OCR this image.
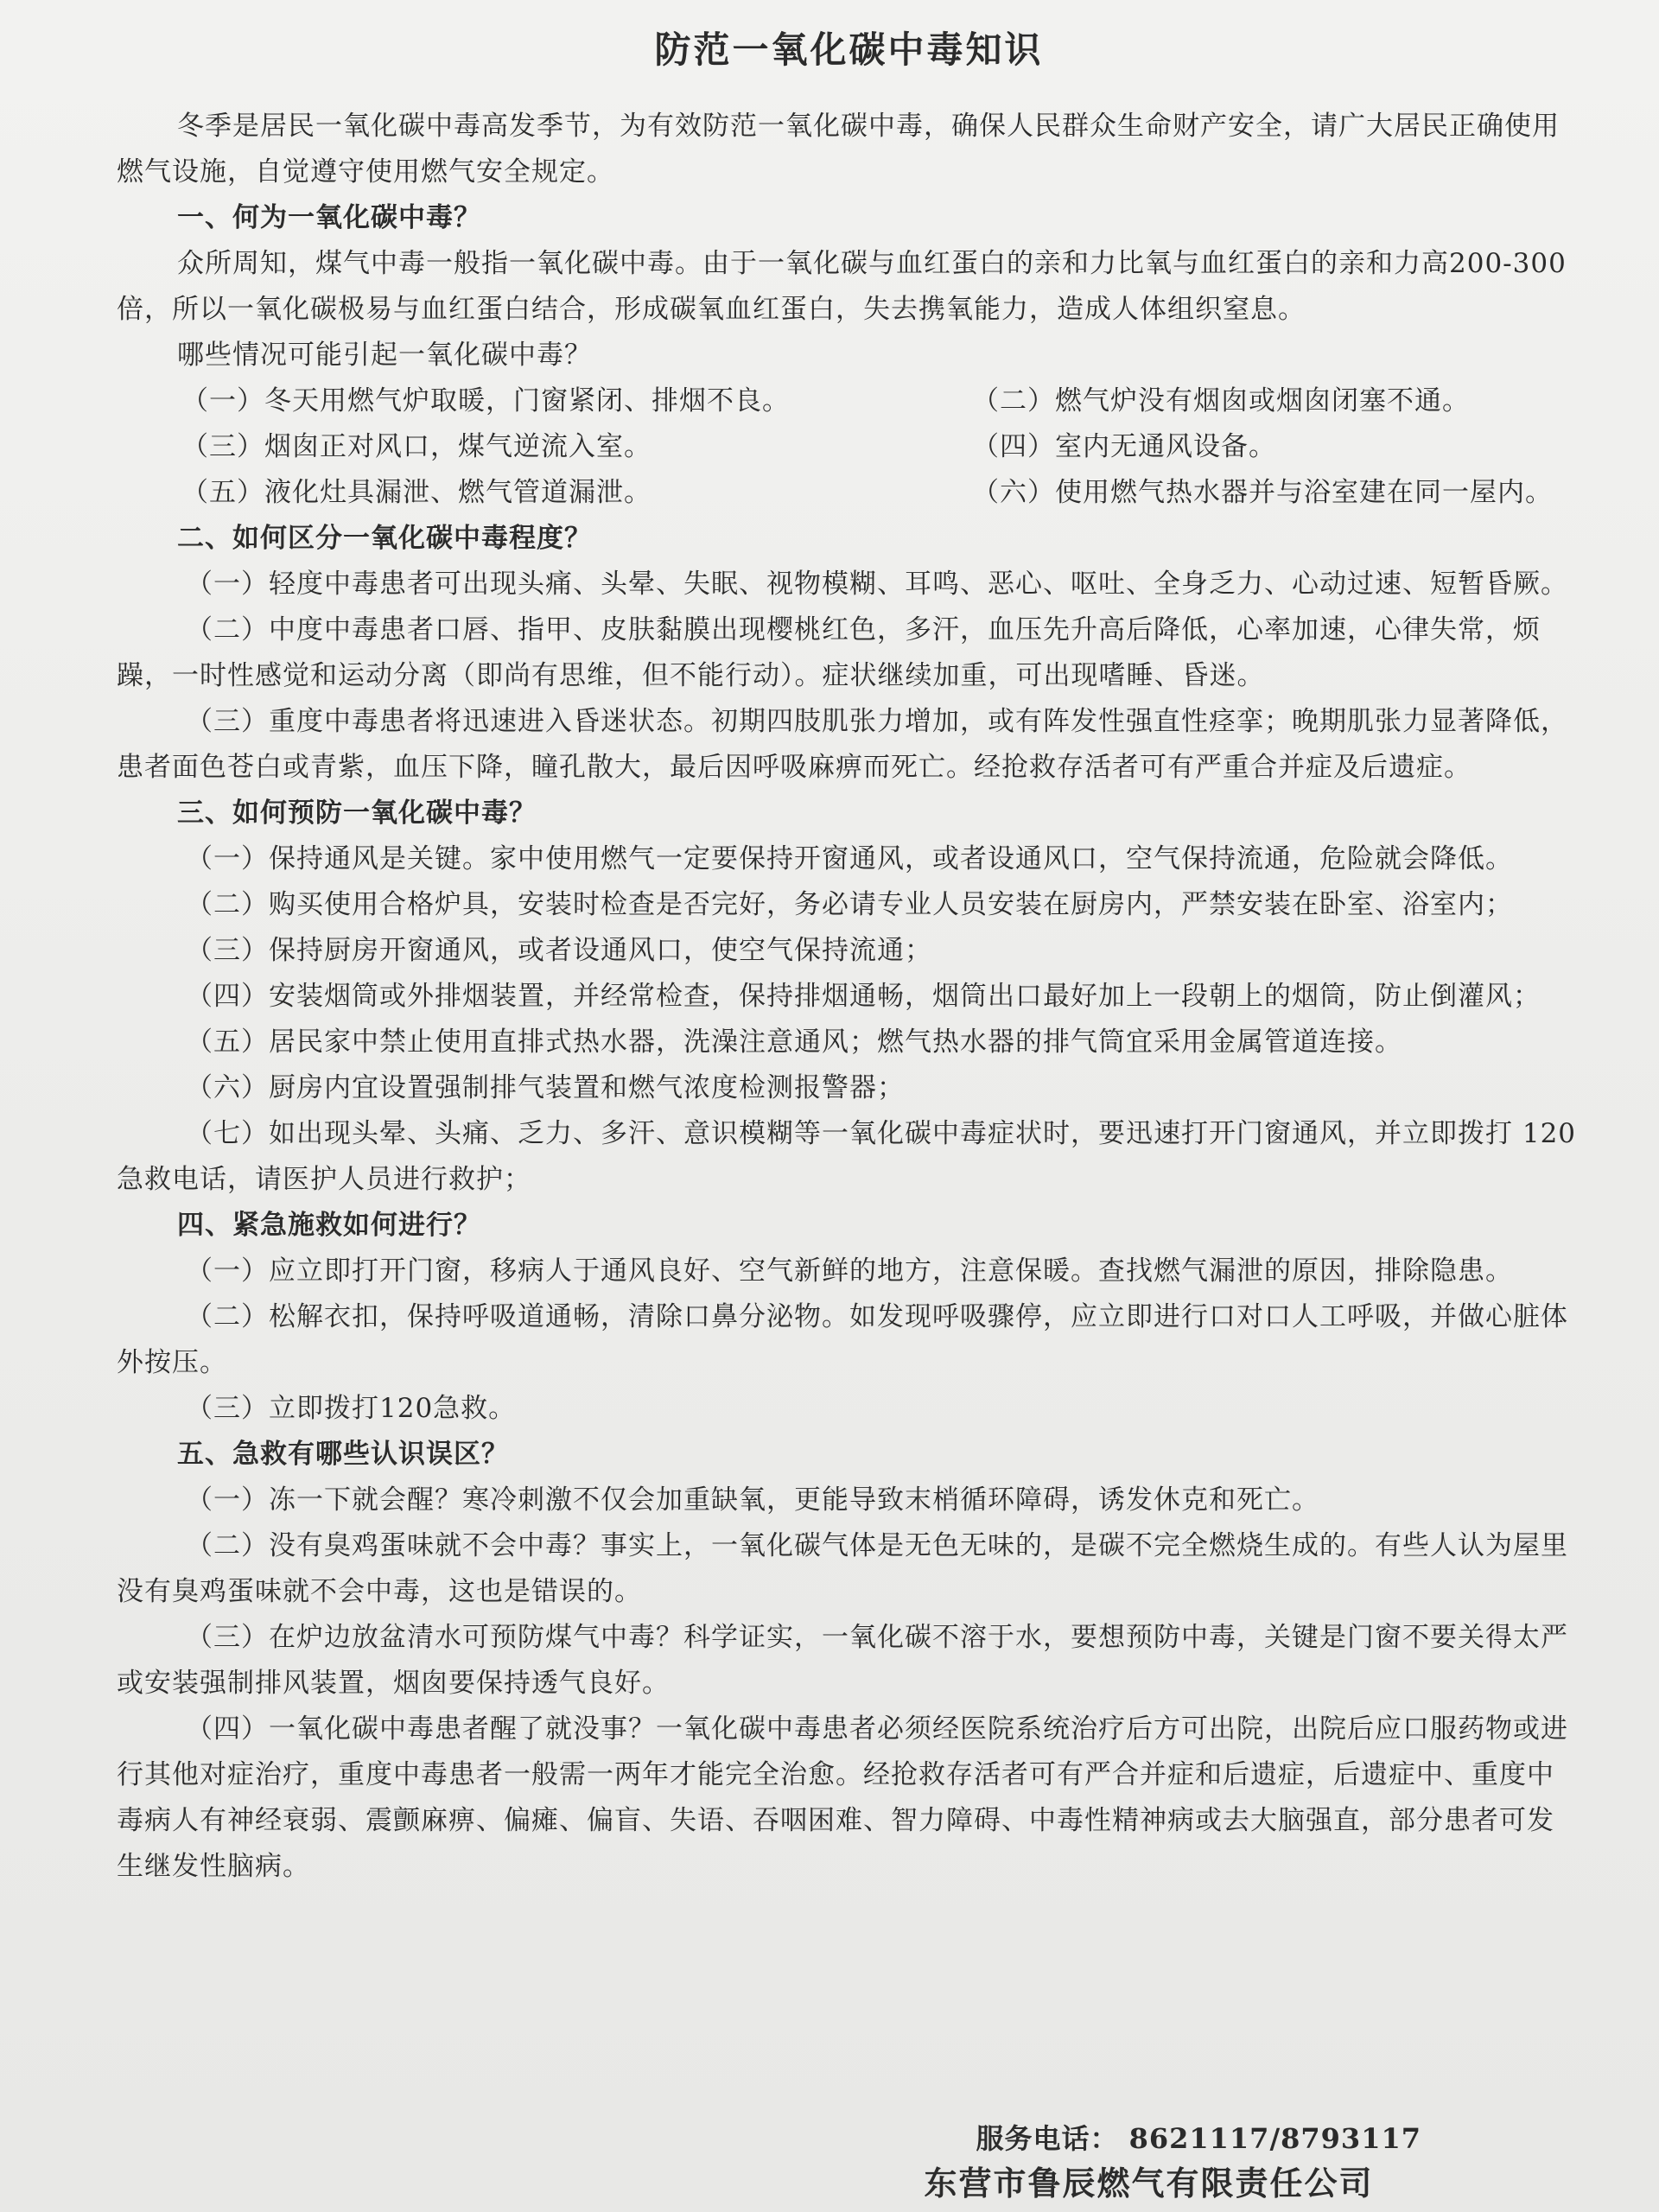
防范一氧化碳中毒知识

冬季是居民一氧化碳中毒高发季节，为有效防范一氧化碳中毒，确保人民群众生命财产安全，请广大居民正确使用燃气设施，自觉遵守使用燃气安全规定。

一、何为一氧化碳中毒？

众所周知，煤气中毒一般指一氧化碳中毒。由于一氧化碳与血红蛋白的亲和力比氧与血红蛋白的亲和力高200-300倍，所以一氧化碳极易与血红蛋白结合，形成碳氧血红蛋白，失去携氧能力，造成人体组织窒息。

哪些情况可能引起一氧化碳中毒？

（一）冬天用燃气炉取暖，门窗紧闭、排烟不良。	（二）燃气炉没有烟囱或烟囱闭塞不通。
（三）烟囱正对风口，煤气逆流入室。	（四）室内无通风设备。
（五）液化灶具漏泄、燃气管道漏泄。	（六）使用燃气热水器并与浴室建在同一屋内。

二、如何区分一氧化碳中毒程度？

（一）轻度中毒患者可出现头痛、头晕、失眠、视物模糊、耳鸣、恶心、呕吐、全身乏力、心动过速、短暂昏厥。

（二）中度中毒患者口唇、指甲、皮肤黏膜出现樱桃红色，多汗，血压先升高后降低，心率加速，心律失常，烦躁，一时性感觉和运动分离（即尚有思维，但不能行动）。症状继续加重，可出现嗜睡、昏迷。

（三）重度中毒患者将迅速进入昏迷状态。初期四肢肌张力增加，或有阵发性强直性痉挛；晚期肌张力显著降低，患者面色苍白或青紫，血压下降，瞳孔散大，最后因呼吸麻痹而死亡。经抢救存活者可有严重合并症及后遗症。

三、如何预防一氧化碳中毒？

（一）保持通风是关键。家中使用燃气一定要保持开窗通风，或者设通风口，空气保持流通，危险就会降低。

（二）购买使用合格炉具，安装时检查是否完好，务必请专业人员安装在厨房内，严禁安装在卧室、浴室内；

（三）保持厨房开窗通风，或者设通风口，使空气保持流通；

（四）安装烟筒或外排烟装置，并经常检查，保持排烟通畅，烟筒出口最好加上一段朝上的烟筒，防止倒灌风；

（五）居民家中禁止使用直排式热水器，洗澡注意通风；燃气热水器的排气筒宜采用金属管道连接。

（六）厨房内宜设置强制排气装置和燃气浓度检测报警器；

（七）如出现头晕、头痛、乏力、多汗、意识模糊等一氧化碳中毒症状时，要迅速打开门窗通风，并立即拨打 120 急救电话，请医护人员进行救护；

四、紧急施救如何进行？

（一）应立即打开门窗，移病人于通风良好、空气新鲜的地方，注意保暖。查找燃气漏泄的原因，排除隐患。

（二）松解衣扣，保持呼吸道通畅，清除口鼻分泌物。如发现呼吸骤停，应立即进行口对口人工呼吸，并做心脏体外按压。

（三）立即拨打120急救。

五、急救有哪些认识误区？

（一）冻一下就会醒？寒冷刺激不仅会加重缺氧，更能导致末梢循环障碍，诱发休克和死亡。

（二）没有臭鸡蛋味就不会中毒？事实上，一氧化碳气体是无色无味的，是碳不完全燃烧生成的。有些人认为屋里没有臭鸡蛋味就不会中毒，这也是错误的。

（三）在炉边放盆清水可预防煤气中毒？科学证实，一氧化碳不溶于水，要想预防中毒，关键是门窗不要关得太严或安装强制排风装置，烟囱要保持透气良好。

（四）一氧化碳中毒患者醒了就没事？一氧化碳中毒患者必须经医院系统治疗后方可出院，出院后应口服药物或进行其他对症治疗，重度中毒患者一般需一两年才能完全治愈。经抢救存活者可有严合并症和后遗症，后遗症中、重度中毒病人有神经衰弱、震颤麻痹、偏瘫、偏盲、失语、吞咽困难、智力障碍、中毒性精神病或去大脑强直，部分患者可发生继发性脑病。

服务电话： 8621117/8793117
东营市鲁辰燃气有限责任公司
